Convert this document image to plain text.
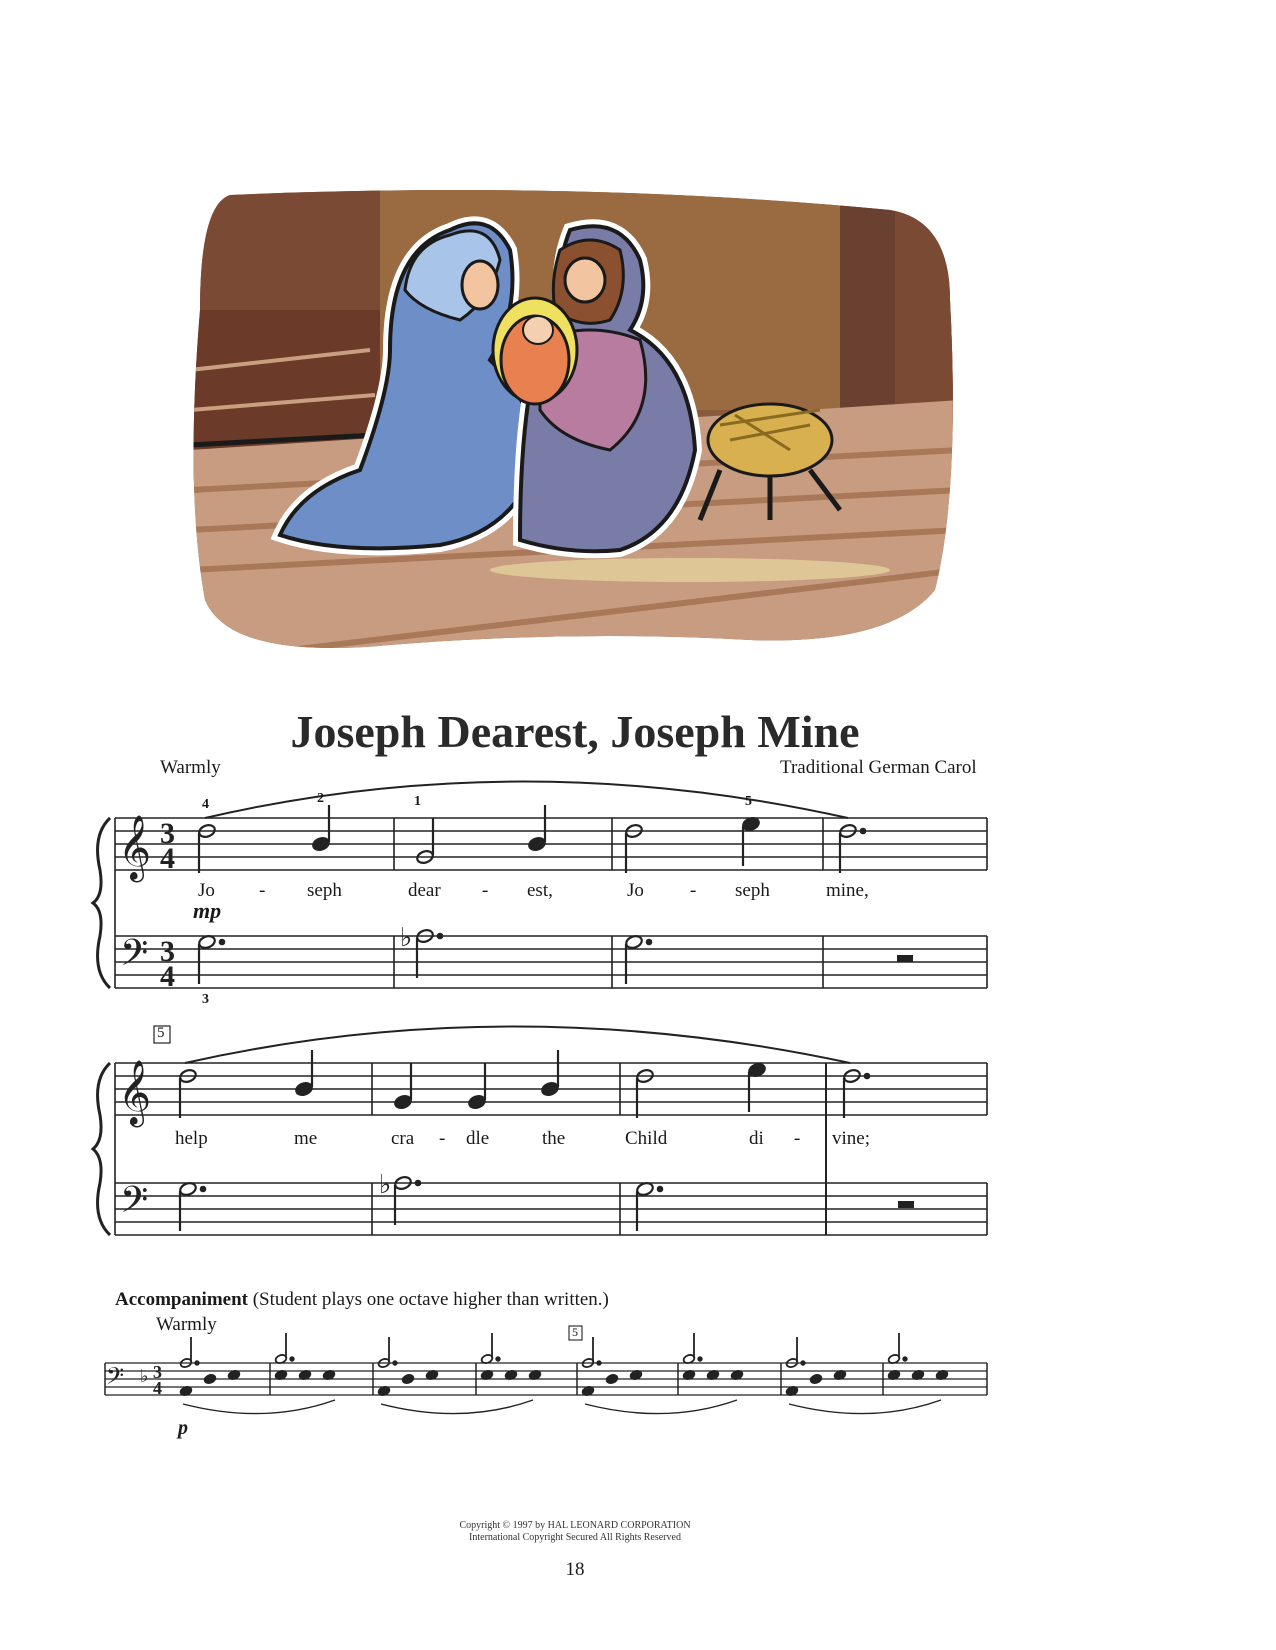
Joseph Dearest, Joseph Mine
Warmly	Traditional German Carol
𝄞
𝄢
3
4
3
4
♭
4	2	1	5
3
mp
Jo - seph	dear - est,	Jo - seph	mine,
𝄞
𝄢	♭
5
help	me	cra - dle	the	Child	di - vine;
Accompaniment (Student plays one octave higher than written.)
Warmly
𝄢 ♭ 3
4
5
p
Copyright © 1997 by HAL LEONARD CORPORATION
International Copyright Secured All Rights Reserved
18
